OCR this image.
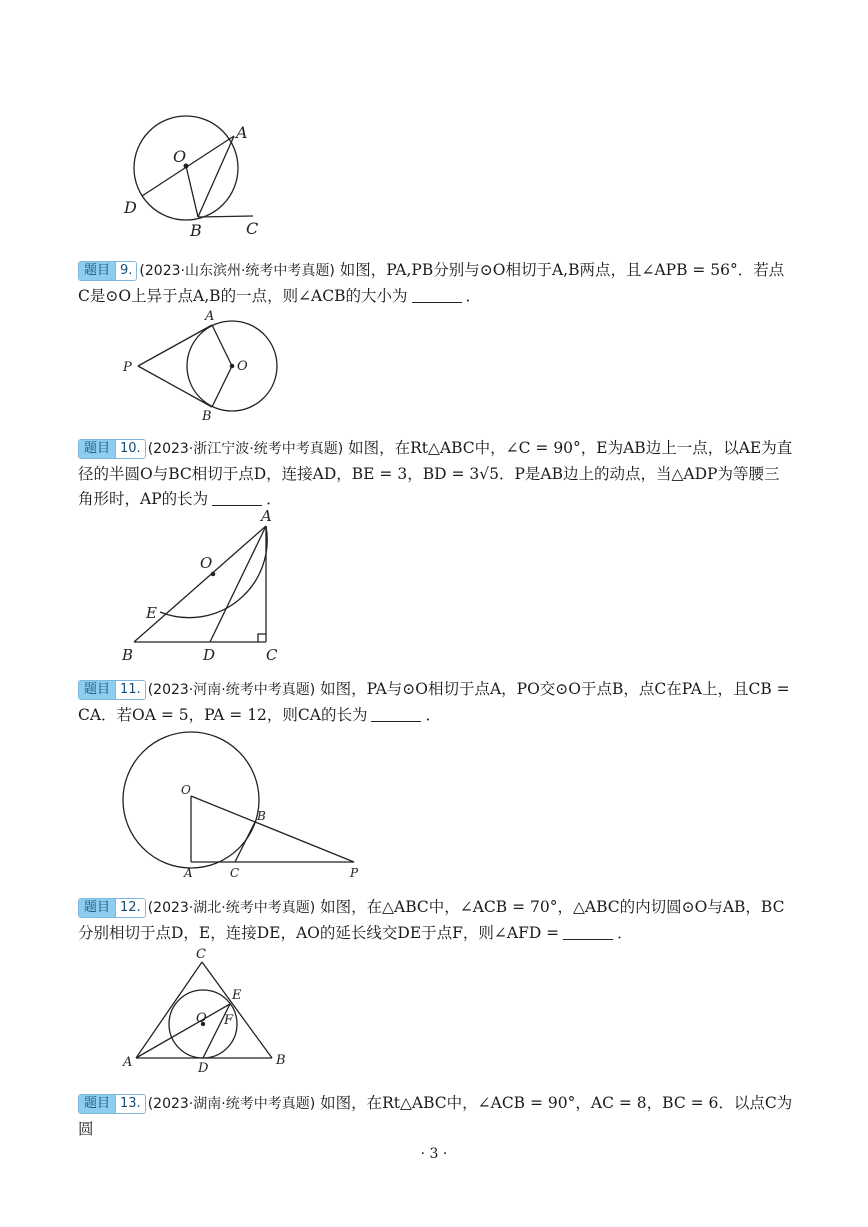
O
A
D
B	C

题目 9. (2023·山东滨州·统考中考真题) 如图，PA,PB分别与⊙O相切于A,B两点，且∠APB = 56°．若点C是⊙O上异于点A,B的一点，则∠ACB的大小为	．

A
P	O
B

题目 10. (2023·浙江宁波·统考中考真题) 如图，在Rt△ABC中，∠C = 90°，E为AB边上一点，以AE为直径的半圆O与BC相切于点D，连接AD，BE = 3，BD = 3√5．P是AB边上的动点，当△ADP为等腰三角形时，AP的长为	．

A
O
E
B	D	C

题目 11. (2023·河南·统考中考真题) 如图，PA与⊙O相切于点A，PO交⊙O于点B，点C在PA上，且CB = CA．若OA = 5，PA = 12，则CA的长为	．

O
B
A	C	P

题目 12. (2023·湖北·统考中考真题) 如图，在△ABC中，∠ACB = 70°，△ABC的内切圆⊙O与AB，BC分别相切于点D，E，连接DE，AO的延长线交DE于点F，则∠AFD =	．

C
E
O F
A	D
B

题目 13. (2023·湖南·统考中考真题) 如图，在Rt△ABC中，∠ACB = 90°，AC = 8，BC = 6．以点C为圆

· 3 ·
